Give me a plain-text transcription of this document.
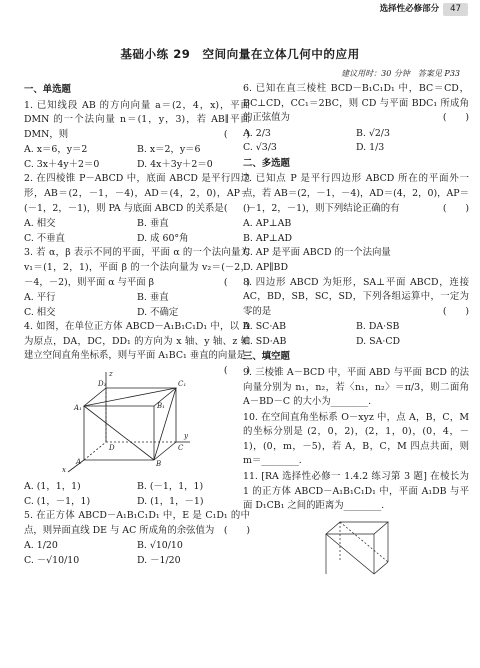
选择性必修部分	47
基础小练 29　空间向量在立体几何中的应用
建议用时：30 分钟　答案见 P33
一、单选题
1. 已知线段 AB 的方向向量 a＝(2，4，x)，平面 DMN 的一个法向量 n＝(1，y，3)，若 AB∥平面 DMN，则	(　　)
A. x＝6，y＝2	B. x＝2，y＝6
C. 3x＋4y＋2＝0	D. 4x＋3y＋2＝0
2. 在四棱锥 P－ABCD 中，底面 ABCD 是平行四边形，AB＝(2，－1，－4)，AD＝(4，2，0)，AP＝(－1，2，－1)，则 PA 与底面 ABCD 的关系是 (　　)
A. 相交	B. 垂直
C. 不垂直	D. 成 60°角
3. 若 α，β 表示不同的平面，平面 α 的一个法向量为 v₁＝(1，2，1)，平面 β 的一个法向量为 v₂＝(－2，－4，－2)，则平面 α 与平面 β	(　　)
A. 平行	B. 垂直
C. 相交	D. 不确定
4. 如图，在单位正方体 ABCD－A₁B₁C₁D₁ 中，以 D 为原点，DA，DC，DD₁ 的方向为 x 轴、y 轴、z 轴建立空间直角坐标系，则与平面 A₁BC₁ 垂直的向量是
(　　)
A₁
D₁	C₁
B₁
A	B
C
D
z
y
x
A. (1，1，1)	B. (－1，1，1)
C. (1，－1，1)	D. (1，1，－1)
5. 在正方体 ABCD－A₁B₁C₁D₁ 中，E 是 C₁D₁ 的中点，则异面直线 DE 与 AC 所成角的余弦值为 (　　)
A. 1/20	B. √10/10
C. －√10/10	D. －1/20
6. 已知在直三棱柱 BCD－B₁C₁D₁ 中，BC＝CD，BC⊥CD，CC₁＝2BC，则 CD 与平面 BDC₁ 所成角的正弦值为	(　　)
A. 2/3	B. √2/3
C. √3/3	D. 1/3
二、多选题
7. 已知点 P 是平行四边形 ABCD 所在的平面外一点，若 AB＝(2，－1，－4)，AD＝(4，2，0)，AP＝(－1，2，－1)，则下列结论正确的有	(　　)
A. AP⊥AB
B. AP⊥AD
C. AP 是平面 ABCD 的一个法向量
D. AP∥BD
8. 四边形 ABCD 为矩形，SA⊥平面 ABCD，连接 AC，BD，SB，SC，SD，下列各组运算中，一定为零的是	(　　)
A. SC·AB	B. DA·SB
C. SD·AB	D. SA·CD
三、填空题
9. 三棱锥 A－BCD 中，平面 ABD 与平面 BCD 的法向量分别为 n₁，n₂，若〈n₁，n₂〉＝π/3，则二面角 A－BD－C 的大小为________.
10. 在空间直角坐标系 O－xyz 中，点 A，B，C，M 的坐标分别是 (2，0，2)，(2，1，0)，(0，4，－1)，(0，m，－5)，若 A，B，C，M 四点共面，则 m＝________.
11. [RA 选择性必修一 1.4.2 练习第 3 题] 在棱长为 1 的正方体 ABCD－A₁B₁C₁D₁ 中，平面 A₁DB 与平面 D₁CB₁ 之间的距离为________.
